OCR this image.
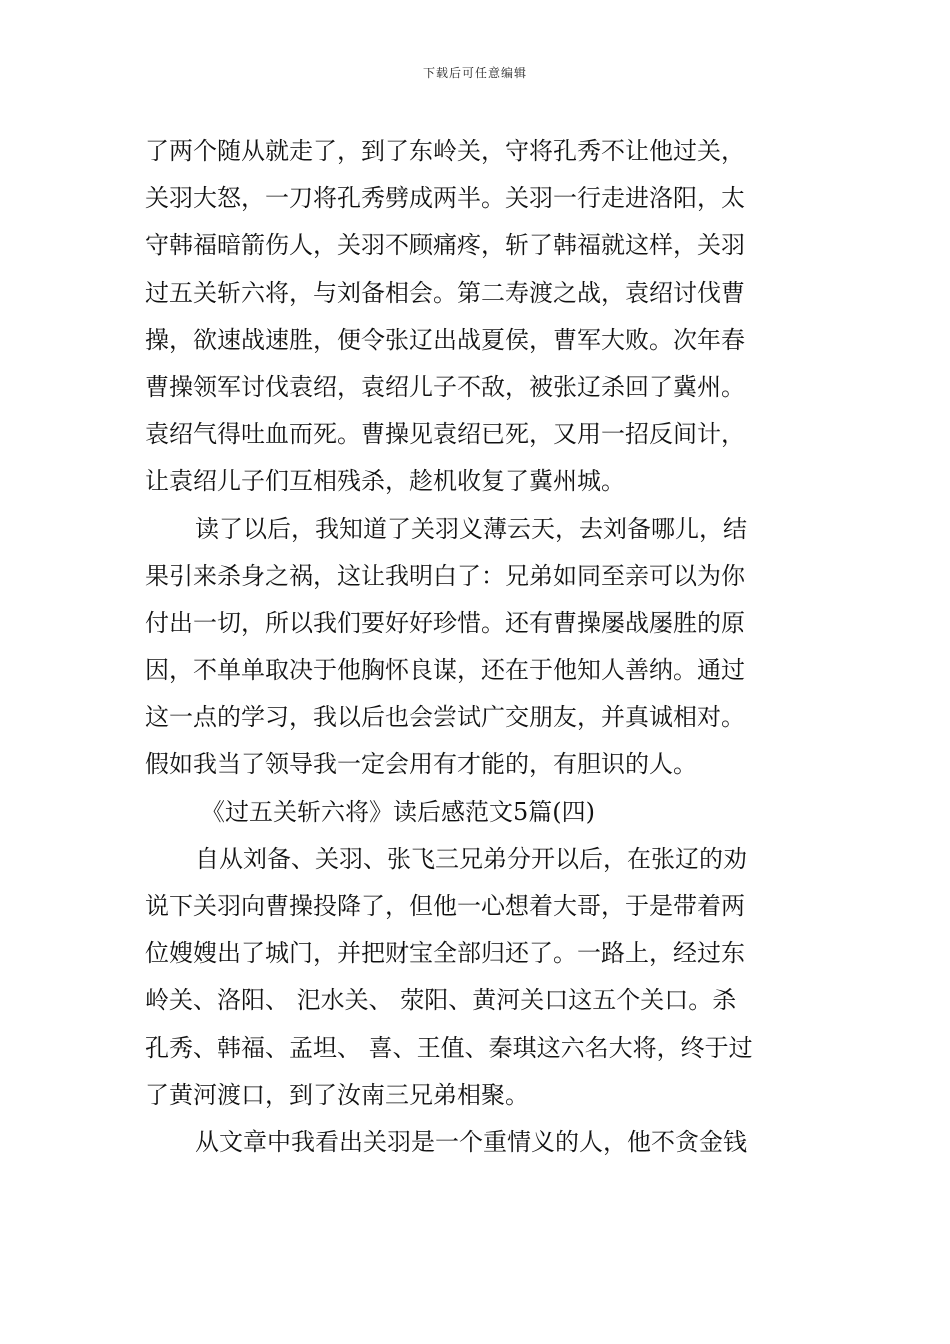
下载后可任意编辑
了两个随从就走了，到了东岭关，守将孔秀不让他过关，
关羽大怒，一刀将孔秀劈成两半。关羽一行走进洛阳，太
守韩福暗箭伤人，关羽不顾痛疼，斩了韩福就这样，关羽
过五关斩六将，与刘备相会。第二寿渡之战，袁绍讨伐曹
操，欲速战速胜，便令张辽出战夏侯，曹军大败。次年春
曹操领军讨伐袁绍，袁绍儿子不敌，被张辽杀回了冀州。
袁绍气得吐血而死。曹操见袁绍已死，又用一招反间计，
让袁绍儿子们互相残杀，趁机收复了冀州城。
读了以后，我知道了关羽义薄云天，去刘备哪儿，结
果引来杀身之祸，这让我明白了：兄弟如同至亲可以为你
付出一切，所以我们要好好珍惜。还有曹操屡战屡胜的原
因，不单单取决于他胸怀良谋，还在于他知人善纳。通过
这一点的学习，我以后也会尝试广交朋友，并真诚相对。
假如我当了领导我一定会用有才能的，有胆识的人。
《过五关斩六将》读后感范文5篇(四)
自从刘备、关羽、张飞三兄弟分开以后，在张辽的劝
说下关羽向曹操投降了，但他一心想着大哥，于是带着两
位嫂嫂出了城门，并把财宝全部归还了。一路上，经过东
岭关、洛阳、 汜水关、 荥阳、黄河关口这五个关口。杀
孔秀、韩福、孟坦、 喜、王值、秦琪这六名大将，终于过
了黄河渡口，到了汝南三兄弟相聚。
从文章中我看出关羽是一个重情义的人，他不贪金钱
